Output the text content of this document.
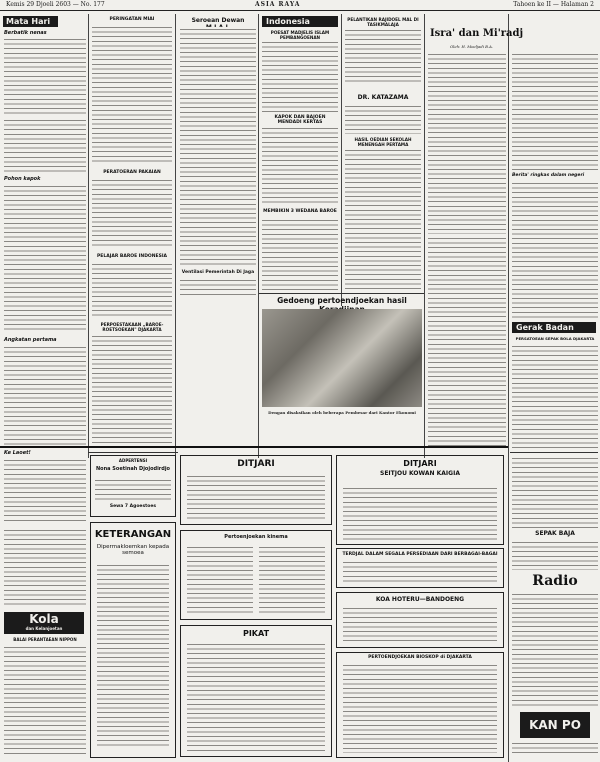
Kemis 29 Djoeli 2603 — No. 177	ASIA RAYA	Tahoen ke II — Halaman 2
Mata Hari
Berbatik nenas
Pohon kapok
Angkatan pertama
PERINGATAN MIAI
PERATOERAN PAKAIAN
PELAJAR BAROE INDONESIA
PERPOESTAKAAN „BAROE-ROETSOEKAN" DJAKARTA
Seroean Dewan
Ventilasi Pemerintah Di Jaga
Indonesia
POESAT MADJELIS ISLAM PEMBANGOENAN
KAPOK DAN BAJOEN MENDADI KERTAS
MEMBIKIN 3 WEDANA BAROE
PELANTIKAN RAJIDOEL MAL DI TASIKMALAJA
DR. KATAZAMA
HASIL OEDIAN SEKOLAH MENENGAH PERTAMA
Gedoeng pertoendjoekan hasil
Dengan disaksikan oleh beberapa Pembesar dari Kantor Ekonomi
Isra' dan Mi'radj
Oleh: H. Moeljadi B.A.
Berita' ringkas dalam negeri
Gerak Badan
PERSATOEAN SEPAK BOLA DJAKARTA
Ke Laoet!
ADPERTENSI
Nona Soetinah Djojodirdjo
Sewa 7 Agoestoes
KETERANGAN
Dipermakloemkan kepada semoea
Kola
dan Kelanjoetan
BALAI PERANTAEAN NIPPON
DITJARI
Pertoenjoekan kinema
PIKAT
DITJARI
SEITJOU KOWAN KAIGIA
TERDJAL DALAM SEGALA PERSEDIAAN DARI BERBAGAI-BAGAI
KOA HOTERU—BANDOENG
PERTOENDJOEKAN BIOSKOP di DJAKARTA
SEPAK BAJA
Radio
KAN PO
